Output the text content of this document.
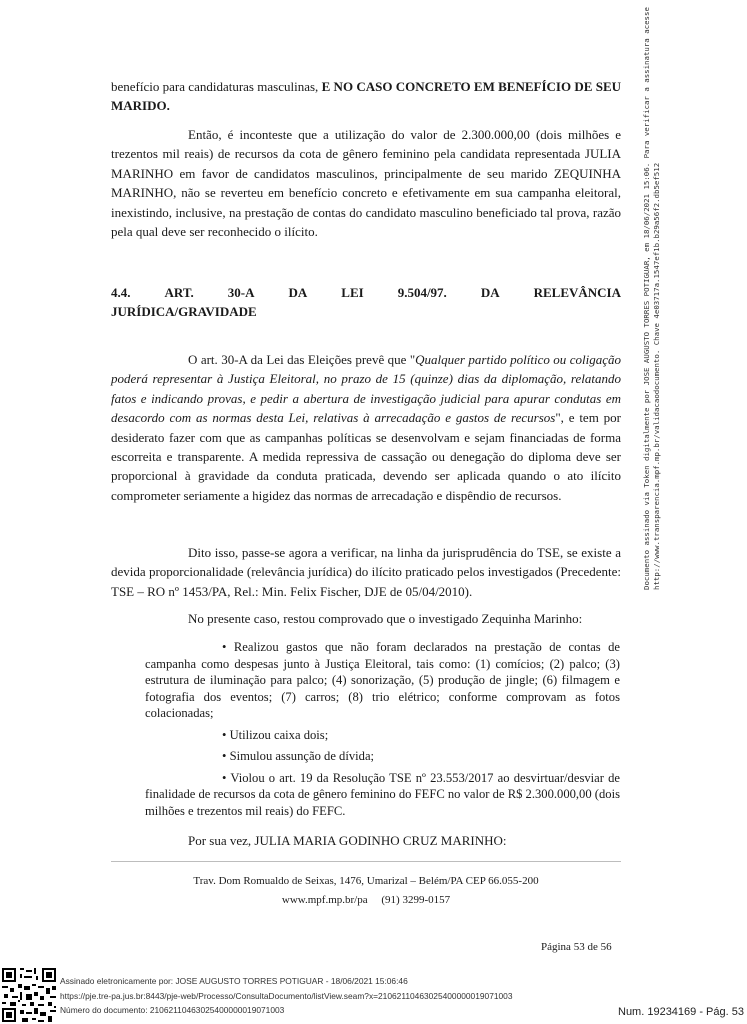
benefício para candidaturas masculinas, E NO CASO CONCRETO EM BENEFÍCIO DE SEU MARIDO.

Então, é inconteste que a utilização do valor de 2.300.000,00 (dois milhões e trezentos mil reais) de recursos da cota de gênero feminino pela candidata representada JULIA MARINHO em favor de candidatos masculinos, principalmente de seu marido ZEQUINHA MARINHO, não se reverteu em benefício concreto e efetivamente em sua campanha eleitoral, inexistindo, inclusive, na prestação de contas do candidato masculino beneficiado tal prova, razão pela qual deve ser reconhecido o ilícito.

4.4.	ART.	30-A	DA	LEI	9.504/97.	DA	RELEVÂNCIA
JURÍDICA/GRAVIDADE

O art. 30-A da Lei das Eleições prevê que "Qualquer partido político ou coligação poderá representar à Justiça Eleitoral, no prazo de 15 (quinze) dias da diplomação, relatando fatos e indicando provas, e pedir a abertura de investigação judicial para apurar condutas em desacordo com as normas desta Lei, relativas à arrecadação e gastos de recursos", e tem por desiderato fazer com que as campanhas políticas se desenvolvam e sejam financiadas de forma escorreita e transparente. A medida repressiva de cassação ou denegação do diploma deve ser proporcional à gravidade da conduta praticada, devendo ser aplicada quando o ato ilícito comprometer seriamente a higidez das normas de arrecadação e dispêndio de recursos.

Dito isso, passe-se agora a verificar, na linha da jurisprudência do TSE, se existe a devida proporcionalidade (relevância jurídica) do ilícito praticado pelos investigados (Precedente: TSE – RO nº 1453/PA, Rel.: Min. Felix Fischer, DJE de 05/04/2010).

No presente caso, restou comprovado que o investigado Zequinha Marinho:

• Realizou gastos que não foram declarados na prestação de contas de campanha como despesas junto à Justiça Eleitoral, tais como: (1) comícios; (2) palco; (3) estrutura de iluminação para palco; (4) sonorização, (5) produção de jingle; (6) filmagem e fotografia dos eventos; (7) carros; (8) trio elétrico; conforme comprovam as fotos colacionadas;

• Utilizou caixa dois;

• Simulou assunção de dívida;

• Violou o art. 19 da Resolução TSE nº 23.553/2017 ao desvirtuar/desviar de finalidade de recursos da cota de gênero feminino do FEFC no valor de R$ 2.300.000,00 (dois milhões e trezentos mil reais) do FEFC.

Por sua vez, JULIA MARIA GODINHO CRUZ MARINHO:

Trav. Dom Romualdo de Seixas, 1476, Umarizal – Belém/PA CEP 66.055-200
www.mpf.mp.br/pa     (91) 3299-0157
Página 53 de 56
Documento assinado via Token digitalmente por JOSE AUGUSTO TORRES POTIGUAR, em 18/06/2021 15:06. Para verificar a assinatura acesse http://www.transparencia.mpf.mp.br/validacaodocumento. Chave 4e03717a.1547ef1b.b29a56f2.db5ef512
Assinado eletronicamente por: JOSE AUGUSTO TORRES POTIGUAR - 18/06/2021 15:06:46
https://pje.tre-pa.jus.br:8443/pje-web/Processo/ConsultaDocumento/listView.seam?x=21062110463025400000019071003
Número do documento: 21062110463025400000019071003	Num. 19234169 - Pág. 53
